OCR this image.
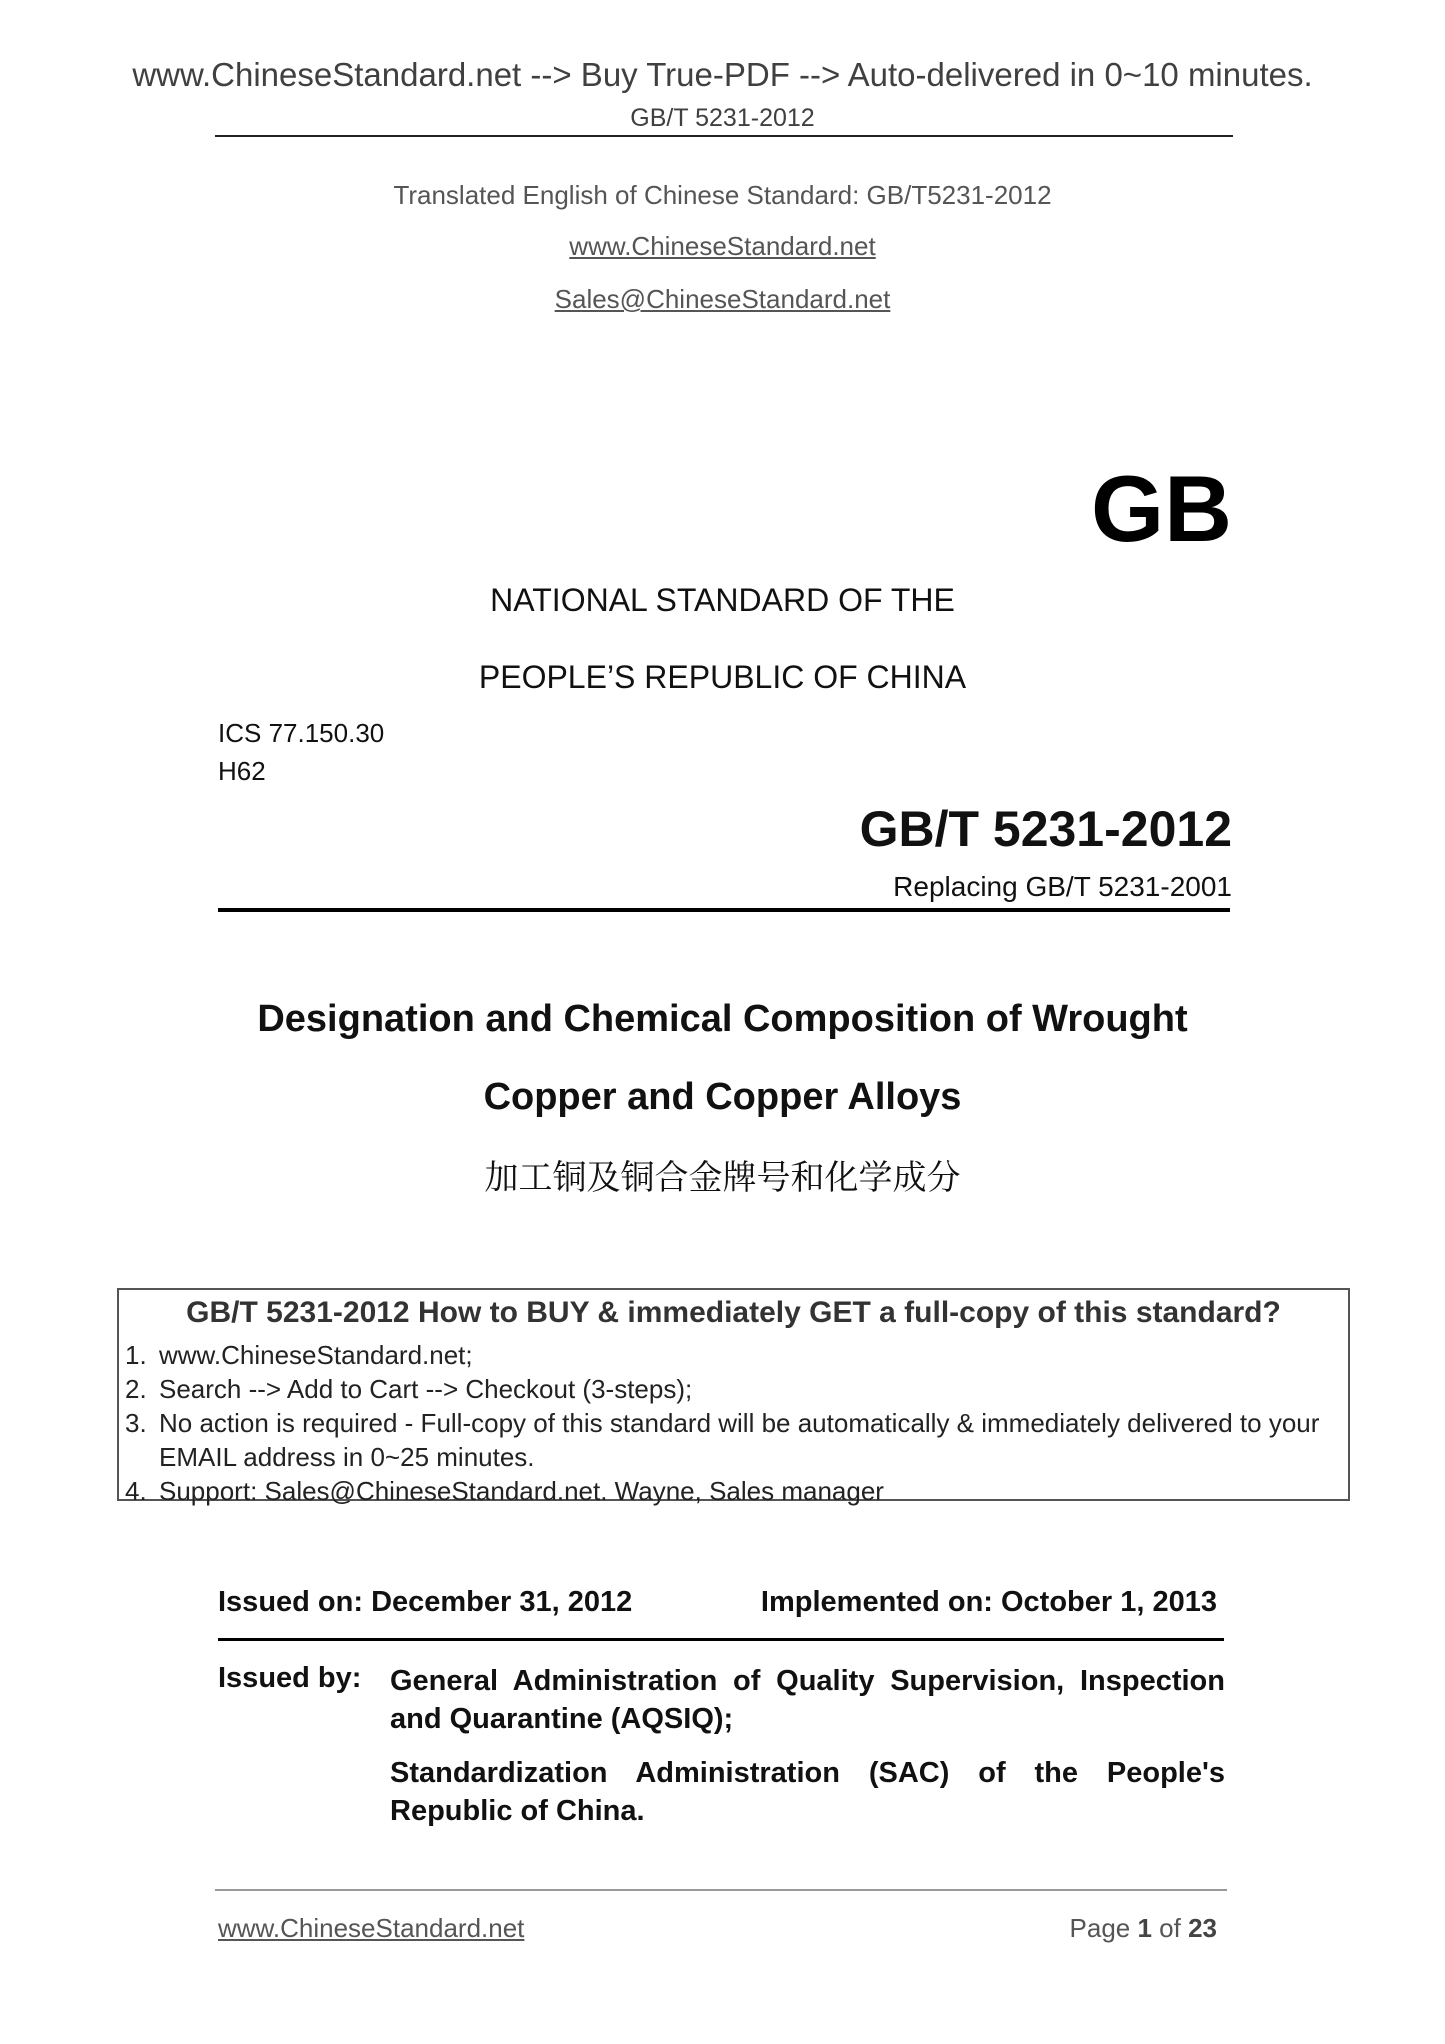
www.ChineseStandard.net --> Buy True-PDF --> Auto-delivered in 0~10 minutes.
GB/T 5231-2012
Translated English of Chinese Standard: GB/T5231-2012
www.ChineseStandard.net
Sales@ChineseStandard.net
GB
NATIONAL STANDARD OF THE
PEOPLE’S REPUBLIC OF CHINA
ICS 77.150.30
H62
GB/T 5231-2012
Replacing GB/T 5231-2001
Designation and Chemical Composition of Wrought
Copper and Copper Alloys
加工铜及铜合金牌号和化学成分
GB/T 5231-2012 How to BUY & immediately GET a full-copy of this standard?
1. www.ChineseStandard.net;
2. Search --> Add to Cart --> Checkout (3-steps);
3. No action is required - Full-copy of this standard will be automatically & immediately delivered to your EMAIL address in 0~25 minutes.
4. Support: Sales@ChineseStandard.net. Wayne, Sales manager
Issued on: December 31, 2012	Implemented on: October 1, 2013
Issued by: General Administration of Quality Supervision, Inspection and Quarantine (AQSIQ);
Standardization Administration (SAC) of the People's Republic of China.
www.ChineseStandard.net	Page 1 of 23
